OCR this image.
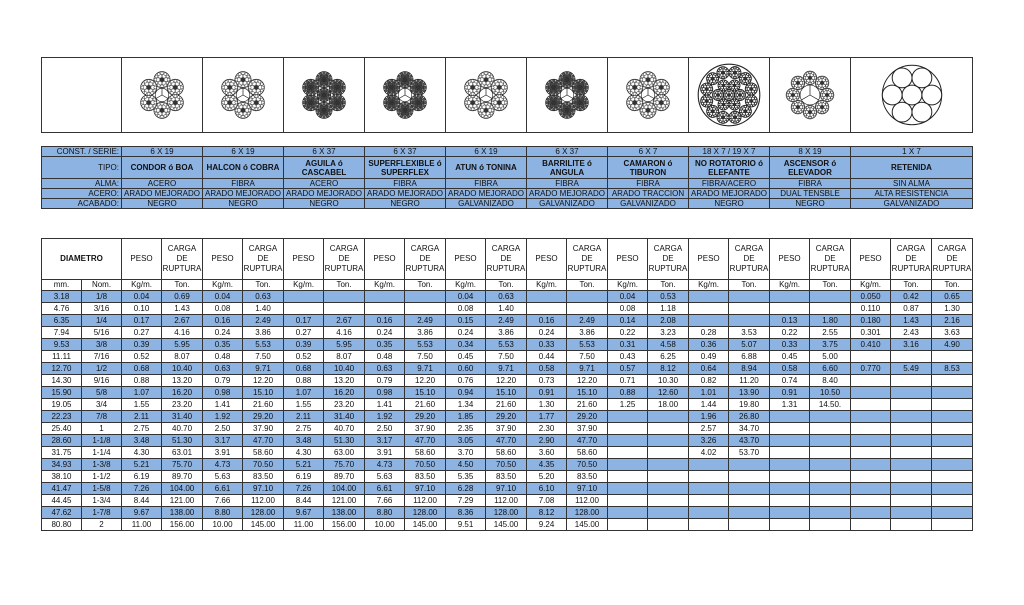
CONST. / SERIE:	6 X 19	6 X 19	6 X 37	6 X 37	6 X 19	6 X 37	6 X 7	18 X 7 / 19 X 7	8 X 19	1 X 7
TIPO:	CONDOR ó BOA	HALCON ó COBRA	AGUILA ó CASCABEL	SUPERFLEXIBLE ó SUPERFLEX	ATUN ó TONINA	BARRILITE ó ANGULA	CAMARON ó TIBURON	NO ROTATORIO ó ELEFANTE	ASCENSOR ó ELEVADOR	RETENIDA
ALMA:	ACERO	FIBRA	ACERO	FIBRA	FIBRA	FIBRA	FIBRA	FIBRA/ACERO	FIBRA	SIN ALMA
ACERO:	ARADO MEJORADO	ARADO MEJORADO	ARADO MEJORADO	ARADO MEJORADO	ARADO MEJORADO	ARADO MEJORADO	ARADO TRACCION	ARADO MEJORADO	DUAL TENSBLE	ALTA RESISTENCIA
ACABADO:	NEGRO	NEGRO	NEGRO	NEGRO	GALVANIZADO	GALVANIZADO	GALVANIZADO	NEGRO	NEGRO	GALVANIZADO
DIAMETRO		PESO	CARGA DE RUPTURA	PESO	CARGA DE RUPTURA	PESO	CARGA DE RUPTURA	PESO	CARGA DE RUPTURA	PESO	CARGA DE RUPTURA	PESO	CARGA DE RUPTURA	PESO	CARGA DE RUPTURA	PESO	CARGA DE RUPTURA	PESO	CARGA DE RUPTURA	PESO	CARGA DE RUPTURA	CARGA DE RUPTURA
mm.	Nom.	Kg/m.	Ton.	Kg/m.	Ton.	Kg/m.	Ton.	Kg/m.	Ton.	Kg/m.	Ton.	Kg/m.	Ton.	Kg/m.	Ton.	Kg/m.	Ton.	Kg/m.	Ton.	Kg/m.	Ton.	Ton.
3.18	1/8	0.04	0.69	0.04	0.63					0.04	0.63			0.04	0.53					0.050	0.42	0.65
4.76	3/16	0.10	1.43	0.08	1.40					0.08	1.40			0.08	1.18					0.110	0.87	1.30
6.35	1/4	0.17	2.67	0.16	2.49	0.17	2.67	0.16	2.49	0.15	2.49	0.16	2.49	0.14	2.08			0.13	1.80	0.180	1.43	2.16
7.94	5/16	0.27	4.16	0.24	3.86	0.27	4.16	0.24	3.86	0.24	3.86	0.24	3.86	0.22	3.23	0.28	3.53	0.22	2.55	0.301	2.43	3.63
9.53	3/8	0.39	5.95	0.35	5.53	0.39	5.95	0.35	5.53	0.34	5.53	0.33	5.53	0.31	4.58	0.36	5.07	0.33	3.75	0.410	3.16	4.90
11.11	7/16	0.52	8.07	0.48	7.50	0.52	8.07	0.48	7.50	0.45	7.50	0.44	7.50	0.43	6.25	0.49	6.88	0.45	5.00			
12.70	1/2	0.68	10.40	0.63	9.71	0.68	10.40	0.63	9.71	0.60	9.71	0.58	9.71	0.57	8.12	0.64	8.94	0.58	6.60	0.770	5.49	8.53
14.30	9/16	0.88	13.20	0.79	12.20	0.88	13.20	0.79	12.20	0.76	12.20	0.73	12.20	0.71	10.30	0.82	11.20	0.74	8.40			
15.90	5/8	1.07	16.20	0.98	15.10	1.07	16.20	0.98	15.10	0.94	15.10	0.91	15.10	0.88	12.60	1.01	13.90	0.91	10.50			
19.05	3/4	1.55	23.20	1.41	21.60	1.55	23.20	1.41	21.60	1.34	21.60	1.30	21.60	1.25	18.00	1.44	19.80	1.31	14.50.			
22.23	7/8	2.11	31.40	1.92	29.20	2.11	31.40	1.92	29.20	1.85	29.20	1.77	29.20			1.96	26.80					
25.40	1	2.75	40.70	2.50	37.90	2.75	40.70	2.50	37.90	2.35	37.90	2.30	37.90			2.57	34.70					
28.60	1-1/8	3.48	51.30	3.17	47.70	3.48	51.30	3.17	47.70	3.05	47.70	2.90	47.70			3.26	43.70					
31.75	1-1/4	4.30	63.01	3.91	58.60	4.30	63.00	3.91	58.60	3.70	58.60	3.60	58.60			4.02	53.70					
34.93	1-3/8	5.21	75.70	4.73	70.50	5.21	75.70	4.73	70.50	4.50	70.50	4.35	70.50									
38.10	1-1/2	6.19	89.70	5.63	83.50	6.19	89.70	5.63	83.50	5.35	83.50	5.20	83.50									
41.47	1-5/8	7.26	104.00	6.61	97.10	7.26	104.00	6.61	97.10	6.28	97.10	6.10	97.10									
44.45	1-3/4	8.44	121.00	7.66	112.00	8.44	121.00	7.66	112.00	7.29	112.00	7.08	112.00									
47.62	1-7/8	9.67	138.00	8.80	128.00	9.67	138.00	8.80	128.00	8.36	128.00	8.12	128.00									
80.80	2	11.00	156.00	10.00	145.00	11.00	156.00	10.00	145.00	9.51	145.00	9.24	145.00									
